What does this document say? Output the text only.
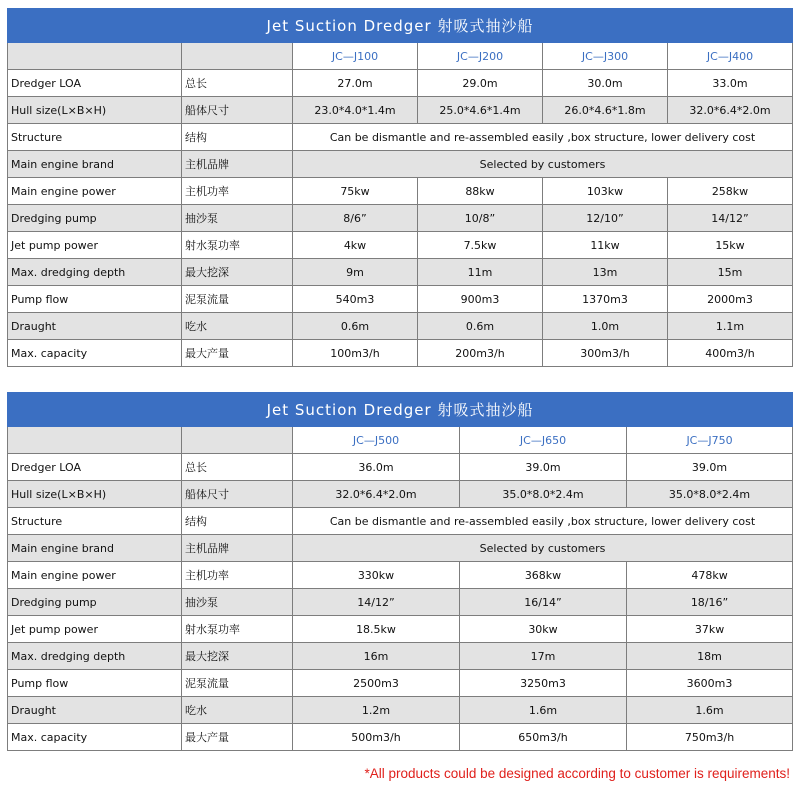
Jet Suction Dredger 射吸式抽沙船					
		JC—J100	JC—J200	JC—J300	JC—J400
Dredger LOA	总长	27.0m	29.0m	30.0m	33.0m
Hull size(L×B×H)	船体尺寸	23.0*4.0*1.4m	25.0*4.6*1.4m	26.0*4.6*1.8m	32.0*6.4*2.0m
Structure	结构	Can be dismantle and re-assembled easily ,box structure, lower delivery cost			
Main engine brand	主机品牌	Selected by customers			
Main engine power	主机功率	75kw	88kw	103kw	258kw
Dredging pump	抽沙泵	8/6”	10/8”	12/10”	14/12”
Jet pump power	射水泵功率	4kw	7.5kw	11kw	15kw
Max. dredging depth	最大挖深	9m	11m	13m	15m
Pump flow	泥泵流量	540m3	900m3	1370m3	2000m3
Draught	吃水	0.6m	0.6m	1.0m	1.1m
Max. capacity	最大产量	100m3/h	200m3/h	300m3/h	400m3/h
Jet Suction Dredger 射吸式抽沙船				
		JC—J500	JC—J650	JC—J750
Dredger LOA	总长	36.0m	39.0m	39.0m
Hull size(L×B×H)	船体尺寸	32.0*6.4*2.0m	35.0*8.0*2.4m	35.0*8.0*2.4m
Structure	结构	Can be dismantle and re-assembled easily ,box structure, lower delivery cost		
Main engine brand	主机品牌	Selected by customers		
Main engine power	主机功率	330kw	368kw	478kw
Dredging pump	抽沙泵	14/12”	16/14”	18/16”
Jet pump power	射水泵功率	18.5kw	30kw	37kw
Max. dredging depth	最大挖深	16m	17m	18m
Pump flow	泥泵流量	2500m3	3250m3	3600m3
Draught	吃水	1.2m	1.6m	1.6m
Max. capacity	最大产量	500m3/h	650m3/h	750m3/h
*All products could be designed according to customer is requirements!
